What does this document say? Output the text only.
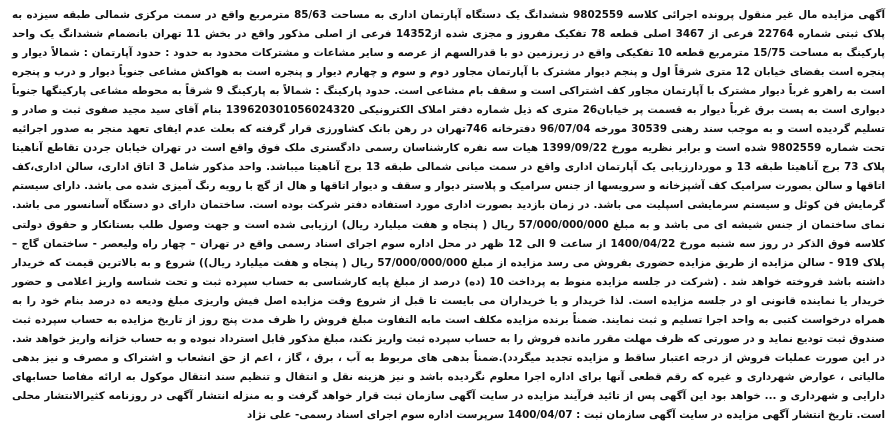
آگهی مزایده مال غیر منقول پرونده اجرائی کلاسه 9802559 ششدانگ یک دستگاه آپارتمان اداری به مساحت 85/63 مترمربع واقع در سمت مرکزی شمالی طبقه سیزده به پلاک ثبتی شماره 22764 فرعی از 3467 اصلی قطعه 78 تفکیک مفروز و مجزی شده از14352 فرعی از اصلی مذکور واقع در بخش 11 تهران بانضمام ششدانگ یک واحد پارکینگ به مساحت 15/75 مترمربع قطعه 10 تفکیکی واقع در زیرزمین دو با قدرالسهم از عرصه و سایر مشاعات و مشترکات محدود به حدود : حدود آپارتمان : شمالاً دیوار و پنجره است بفضای خیابان 12 متری شرقاً اول و پنجم دیوار مشترک با آپارتمان مجاور دوم و سوم و چهارم دیوار و پنجره است به هواکش مشاعی جنوباً دیوار و درب و پنجره است به راهرو غرباً دیوار مشترک با آپارتمان مجاور کف اشتراکی است و سقف بام مشاعی است. حدود پارکینگ : شمالاً به پارکینگ 9 شرقاً به محوطه مشاعی پارکینگها جنوباً دیواری است به پست برق غرباً دیوار به قسمت پر خیابان26 متری که ذیل شماره دفتر املاک الکترونیکی 139620301056024320 بنام آقای سید مجید صفوی ثبت و صادر و تسلیم گردیده است و به موجب سند رهنی 30539 مورخه 96/07/04 دفترخانه 746تهران در رهن بانک کشاورزی قرار گرفته که بعلت عدم ایفای تعهد منجر به صدور اجرائیه تحت شماره 9802559 شده است و برابر نظریه مورخ 1399/09/22 هیات سه نفره کارشناسان رسمی دادگستری ملک فوق واقع است در تهران خیابان جردن تقاطع آناهیتا پلاک 73 برج آناهیتا طبقه 13 و موردارزیابی یک آپارتمان اداری واقع در سمت میانی شمالی طبقه 13 برج آناهیتا میباشد. واحد مذکور شامل 3 اتاق اداری، سالن اداری،کف اتاقها و سالن بصورت سرامیک کف آشپزخانه و سرویسها از جنس سرامیک و پلاستر دیوار و سقف و دیوار اتاقها و هال از گچ با رویه رنگ آمیزی شده می باشد. دارای سیستم گرمایش فن کوئل و سیستم سرمایشی اسپلیت می باشد. در زمان بازدید بصورت اداری مورد استفاده دفتر شرکت بوده است. ساختمان دارای دو دستگاه آسانسور می باشد. نمای ساختمان از جنس شیشه ای می باشد و به مبلغ 57/000/000/000 ریال ( پنجاه و هفت میلیارد ریال) ارزیابی شده است و جهت وصول طلب بستانکار و حقوق دولتی کلاسه فوق الذکر در روز سه شنبه مورخ 1400/04/22 از ساعت 9 الی 12 ظهر در محل اداره سوم اجرای اسناد رسمی واقع در تهران – چهار راه ولیعصر - ساختمان گاج – پلاک 919 - سالن مزایده از طریق مزایده حضوری بفروش می رسد مزایده از مبلغ 57/000/000/000 ریال ( پنجاه و هفت میلیارد ریال)) شروع و به بالاترین قیمت که خریدار داشته باشد فروخته خواهد شد . (شرکت در جلسه مزایده منوط به پرداخت 10 (ده) درصد از مبلغ پایه کارشناسی به حساب سپرده ثبت و تحت شناسه واریز اعلامی و حضور خریدار یا نماینده قانونی او در جلسه مزایده است. لذا خریدار و یا خریداران می بایست تا قبل از شروع وقت مزایده اصل فیش واریزی مبلغ ودیعه ده درصد بنام خود را به همراه درخواست کتبی به واحد اجرا تسلیم و ثبت نمایند. ضمناً برنده مزایده مکلف است مابه التفاوت مبلغ فروش را ظرف مدت پنج روز از تاریخ مزایده به حساب سپرده ثبت صندوق ثبت تودیع نماید و در صورتی که ظرف مهلت مقرر مانده فروش را به حساب سپرده ثبت واریز نکند، مبلغ مذکور قابل استرداد نبوده و به حساب خزانه واریز خواهد شد. در این صورت عملیات فروش از درجه اعتبار ساقط و مزایده تجدید میگردد).ضمناً بدهی های مربوط به آب ، برق ، گاز ، اعم از حق انشعاب و اشتراک و مصرف و نیز بدهی مالیاتی ، عوارض شهرداری و غیره که رقم قطعی آنها برای اداره اجرا معلوم نگردیده باشد و نیز هزینه نقل و انتقال و تنظیم سند انتقال موکول به ارائه مفاصا حسابهای دارایی و شهرداری و ... خواهد بود این آگهی پس از تائید فرآیند مزایده در سایت آگهی سازمان ثبت قرار خواهد گرفت و به منزله انتشار آگهی در روزنامه کثیرالانتشار محلی است. تاریخ انتشار آگهی مزایده در سایت آگهی سازمان ثبت : 1400/04/07 سرپرست اداره سوم اجرای اسناد رسمی- علی نژاد
